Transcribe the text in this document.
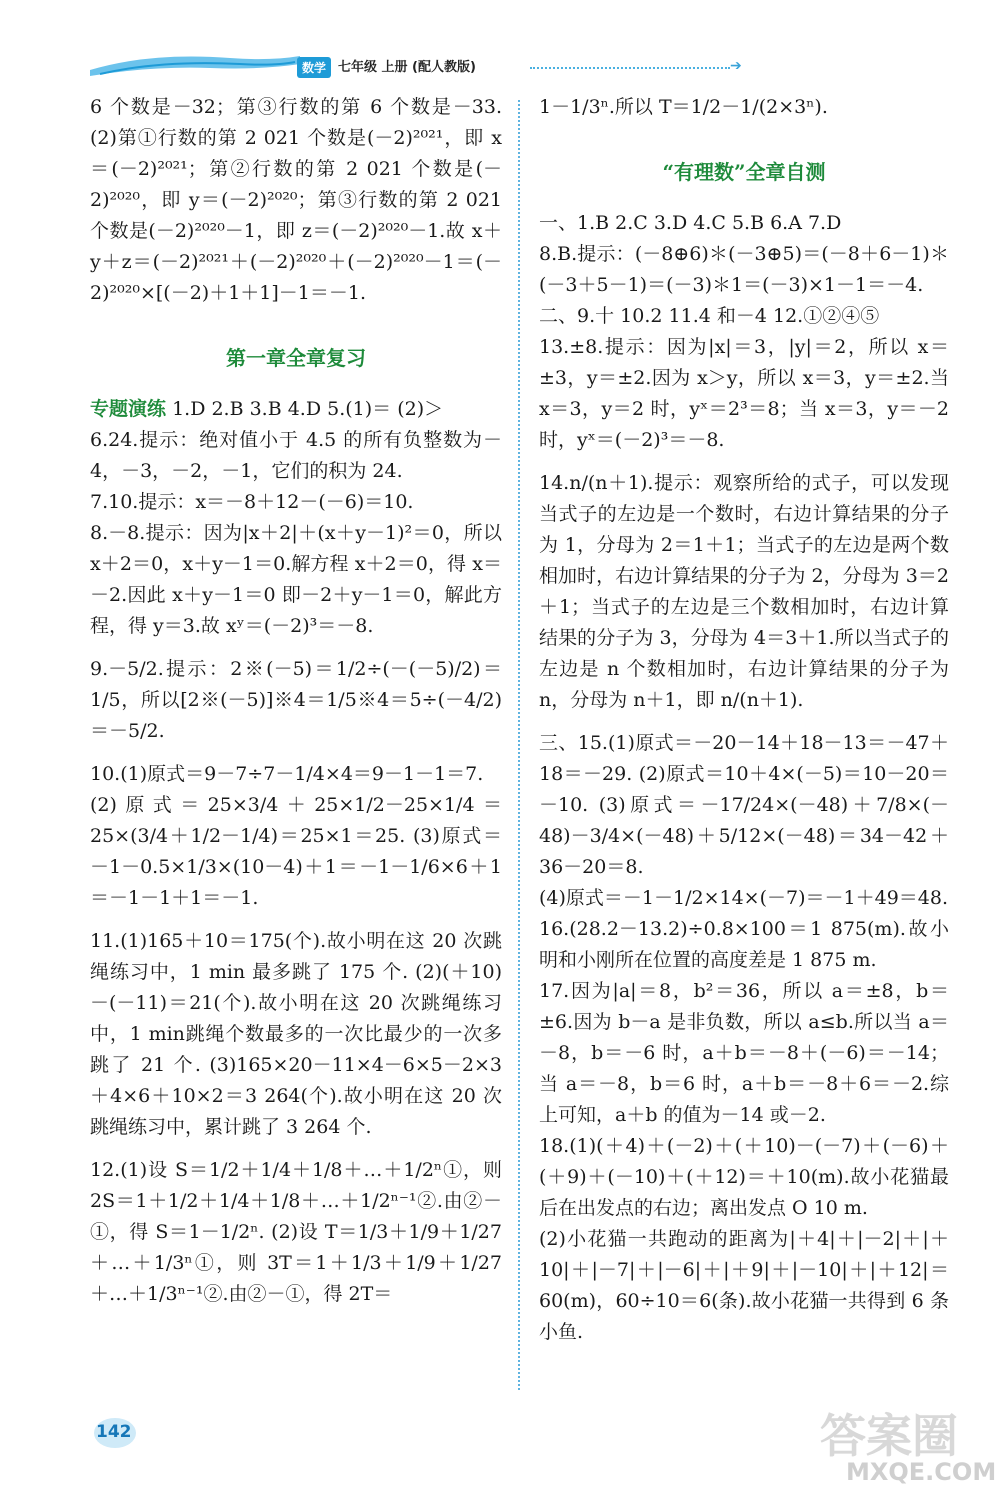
数学 七年级 上册 (配人教版)	➔

6 个数是－32；第③行数的第 6 个数是－33. (2)第①行数的第 2 021 个数是(－2)²⁰²¹，即 x＝(－2)²⁰²¹；第②行数的第 2 021 个数是(－2)²⁰²⁰，即 y＝(－2)²⁰²⁰；第③行数的第 2 021 个数是(－2)²⁰²⁰－1，即 z＝(－2)²⁰²⁰－1.故 x＋y＋z＝(－2)²⁰²¹＋(－2)²⁰²⁰＋(－2)²⁰²⁰－1＝(－2)²⁰²⁰×[(－2)＋1＋1]－1＝－1.

第一章全章复习

专题演练 1.D 2.B 3.B 4.D 5.(1)＝ (2)＞

6.24.提示：绝对值小于 4.5 的所有负整数为－4，－3，－2，－1，它们的积为 24.

7.10.提示：x＝－8＋12－(－6)＝10.

8.－8.提示：因为|x＋2|＋(x＋y－1)²＝0，所以 x＋2＝0，x＋y－1＝0.解方程 x＋2＝0，得 x＝－2.因此 x＋y－1＝0 即－2＋y－1＝0，解此方程，得 y＝3.故 xʸ＝(－2)³＝－8.

9.－5/2.提示：2※(－5)＝1/2÷(－(－5)/2)＝1/5，所以[2※(－5)]※4＝1/5※4＝5÷(－4/2)＝－5/2.

10.(1)原式＝9－7÷7－1/4×4＝9－1－1＝7.

(2)原式＝25×3/4＋25×1/2－25×1/4＝25×(3/4＋1/2－1/4)＝25×1＝25. (3)原式＝－1－0.5×1/3×(10－4)＋1＝－1－1/6×6＋1＝－1－1＋1＝－1.

11.(1)165＋10＝175(个).故小明在这 20 次跳绳练习中，1 min 最多跳了 175 个. (2)(＋10)－(－11)＝21(个).故小明在这 20 次跳绳练习中，1 min跳绳个数最多的一次比最少的一次多跳了 21 个. (3)165×20－11×4－6×5－2×3＋4×6＋10×2＝3 264(个).故小明在这 20 次跳绳练习中，累计跳了 3 264 个.

12.(1)设 S＝1/2＋1/4＋1/8＋…＋1/2ⁿ①，则 2S＝1＋1/2＋1/4＋1/8＋…＋1/2ⁿ⁻¹②.由②－①，得 S＝1－1/2ⁿ. (2)设 T＝1/3＋1/9＋1/27＋…＋1/3ⁿ①，则 3T＝1＋1/3＋1/9＋1/27＋…＋1/3ⁿ⁻¹②.由②－①，得 2T＝

1－1/3ⁿ.所以 T＝1/2－1/(2×3ⁿ).

“有理数”全章自测

一、1.B 2.C 3.D 4.C 5.B 6.A 7.D

8.B.提示：(－8⊕6)＊(－3⊕5)＝(－8＋6－1)＊(－3＋5－1)＝(－3)＊1＝(－3)×1－1＝－4.

二、9.十 10.2 11.4 和－4 12.①②④⑤

13.±8.提示：因为|x|＝3，|y|＝2，所以 x＝±3，y＝±2.因为 x＞y，所以 x＝3，y＝±2.当 x＝3，y＝2 时，yˣ＝2³＝8；当 x＝3，y＝－2 时，yˣ＝(－2)³＝－8.

14.n/(n＋1).提示：观察所给的式子，可以发现当式子的左边是一个数时，右边计算结果的分子为 1，分母为 2＝1＋1；当式子的左边是两个数相加时，右边计算结果的分子为 2，分母为 3＝2＋1；当式子的左边是三个数相加时，右边计算结果的分子为 3，分母为 4＝3＋1.所以当式子的左边是 n 个数相加时，右边计算结果的分子为 n，分母为 n＋1，即 n/(n＋1).

三、15.(1)原式＝－20－14＋18－13＝－47＋18＝－29. (2)原式＝10＋4×(－5)＝10－20＝－10. (3)原式＝－17/24×(－48)＋7/8×(－48)－3/4×(－48)＋5/12×(－48)＝34－42＋36－20＝8.

(4)原式＝－1－1/2×14×(－7)＝－1＋49＝48.

16.(28.2－13.2)÷0.8×100＝1 875(m).故小明和小刚所在位置的高度差是 1 875 m.

17.因为|a|＝8，b²＝36，所以 a＝±8，b＝±6.因为 b－a 是非负数，所以 a≤b.所以当 a＝－8，b＝－6 时，a＋b＝－8＋(－6)＝－14；当 a＝－8，b＝6 时，a＋b＝－8＋6＝－2.综上可知，a＋b 的值为－14 或－2.

18.(1)(＋4)＋(－2)＋(＋10)－(－7)＋(－6)＋(＋9)＋(－10)＋(＋12)＝＋10(m).故小花猫最后在出发点的右边；离出发点 O 10 m.

(2)小花猫一共跑动的距离为|＋4|＋|－2|＋|＋10|＋|－7|＋|－6|＋|＋9|＋|－10|＋|＋12|＝60(m)，60÷10＝6(条).故小花猫一共得到 6 条小鱼.

142	答案圈
MXQE.COM
